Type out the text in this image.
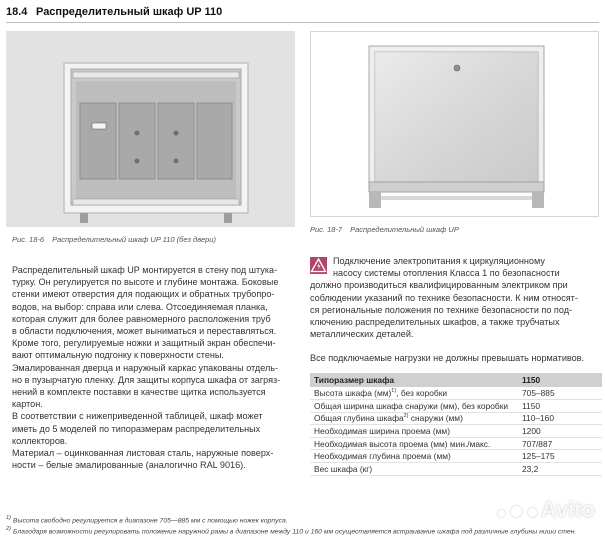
18.4 Распределительный шкаф UP 110
Рис. 18-6 Распределительный шкаф UP 110 (без двери)
Рис. 18-7 Распределительный шкаф UP

Распределительный шкаф UP монтируется в стену под штука-

турку. Он регулируется по высоте и глубине монтажа. Боковые

стенки имеют отверстия для подающих и обратных трубопро-

водов, на выбор: справа или слева. Отсоединяемая планка,

которая служит для более равномерного расположения труб

в области подключения, может выниматься и переставляться.

Кроме того, регулируемые ножки и защитный экран обеспечи-

вают оптимальную подгонку к поверхности стены.

Эмалированная дверца и наружный каркас упакованы отдель-

но в пузырчатую пленку. Для защиты корпуса шкафа от загряз-

нений в комплекте поставки в качестве щитка используется

картон.

В соответствии с нижеприведенной таблицей, шкаф может

иметь до 5 моделей по типоразмерам распределительных

коллекторов.

Материал – оцинкованная листовая сталь, наружные поверх-

ности – белые эмалированные (аналогично RAL 9016).

Подключение электропитания к циркуляционному

насосу системы отопления Класса 1 по безопасности

должно производиться квалифицированным электриком при

соблюдении указаний по технике безопасности. К ним относят-

ся региональные положения по технике безопасности по под-

ключению распределительных шкафов, а также трубчатых

металлических деталей.

Все подключаемые нагрузки не должны превышать нормативов.
Типоразмер шкафа	1150
Высота шкафа (мм)$^{1)}$, без коробки	705–885
Общая ширина шкафа снаружи (мм), без коробки	1150
Общая глубина шкафа$^{2)}$ снаружи (мм)	110–160
Необходимая ширина проема (мм)	1200
Необходимая высота проема (мм) мин./макс.	707/887
Необходимая глубина проема (мм)	125–175
Вес шкафа (кг)	23,2
$^{1)}$ Высота свободно регулируется в диапазоне 705—885 мм с помощью ножек корпуса.
$^{2)}$ Благодаря возможности регулировать положение наружной рамы в диапазоне между 110 и 160 мм осуществляется встраивание шкафа под различные глубины ниши стен.
Avito
